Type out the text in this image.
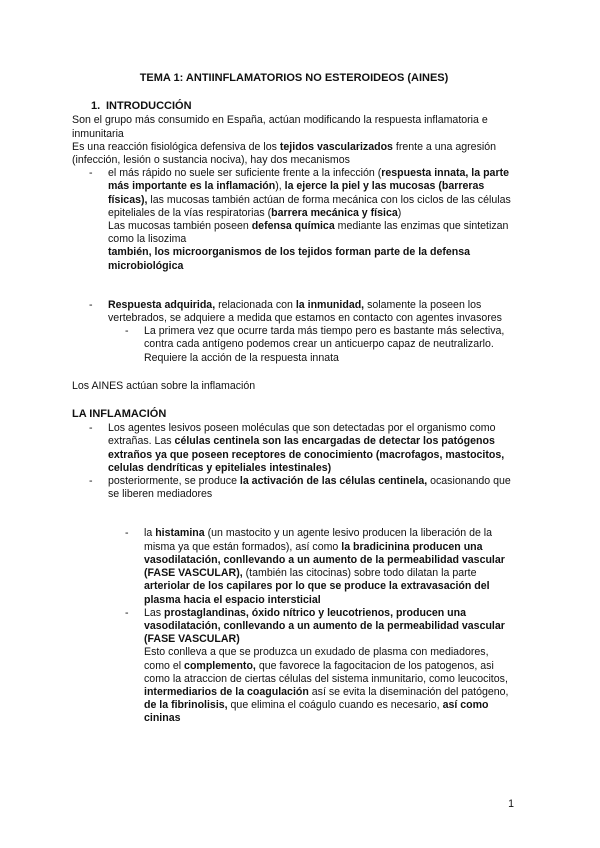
TEMA 1: ANTIINFLAMATORIOS NO ESTEROIDEOS (AINES)

1. INTRODUCCIÓN

Son el grupo más consumido en España, actúan modificando la respuesta inflamatoria e inmunitaria

Es una reacción fisiológica defensiva de los tejidos vascularizados frente a una agresión (infección, lesión o sustancia nociva), hay dos mecanismos

- el más rápido no suele ser suficiente frente a la infección (respuesta innata, la parte más importante es la inflamación), la ejerce la piel y las mucosas (barreras físicas), las mucosas también actúan de forma mecánica con los ciclos de las células epiteliales de la vías respiratorias (barrera mecánica y física)

Las mucosas también poseen defensa química mediante las enzimas que sintetizan como la lisozima

también, los microorganismos de los tejidos forman parte de la defensa microbiológica

- Respuesta adquirida, relacionada con la inmunidad, solamente la poseen los vertebrados, se adquiere a medida que estamos en contacto con agentes invasores

- La primera vez que ocurre tarda más tiempo pero es bastante más selectiva, contra cada antígeno podemos crear un anticuerpo capaz de neutralizarlo. Requiere la acción de la respuesta innata

Los AINES actúan sobre la inflamación

LA INFLAMACIÓN

- Los agentes lesivos poseen moléculas que son detectadas por el organismo como extrañas. Las células centinela son las encargadas de detectar los patógenos extraños ya que poseen receptores de conocimiento (macrofagos, mastocitos, celulas dendríticas y epiteliales intestinales)

- posteriormente, se produce la activación de las células centinela, ocasionando que se liberen mediadores

- la histamina (un mastocito y un agente lesivo producen la liberación de la misma ya que están formados), así como la bradicinina producen una vasodilatación, conllevando a un aumento de la permeabilidad vascular (FASE VASCULAR), (también las citocinas) sobre todo dilatan la parte arteriolar de los capilares por lo que se produce la extravasación del plasma hacia el espacio intersticial

- Las prostaglandinas, óxido nítrico y leucotrienos, producen una vasodilatación, conllevando a un aumento de la permeabilidad vascular (FASE VASCULAR)

Esto conlleva a que se produzca un exudado de plasma con mediadores, como el complemento, que favorece la fagocitacion de los patogenos, asi como la atraccion de ciertas células del sistema inmunitario, como leucocitos, intermediarios de la coagulación así se evita la diseminación del patógeno, de la fibrinolisis, que elimina el coágulo cuando es necesario, así como cininas

1
